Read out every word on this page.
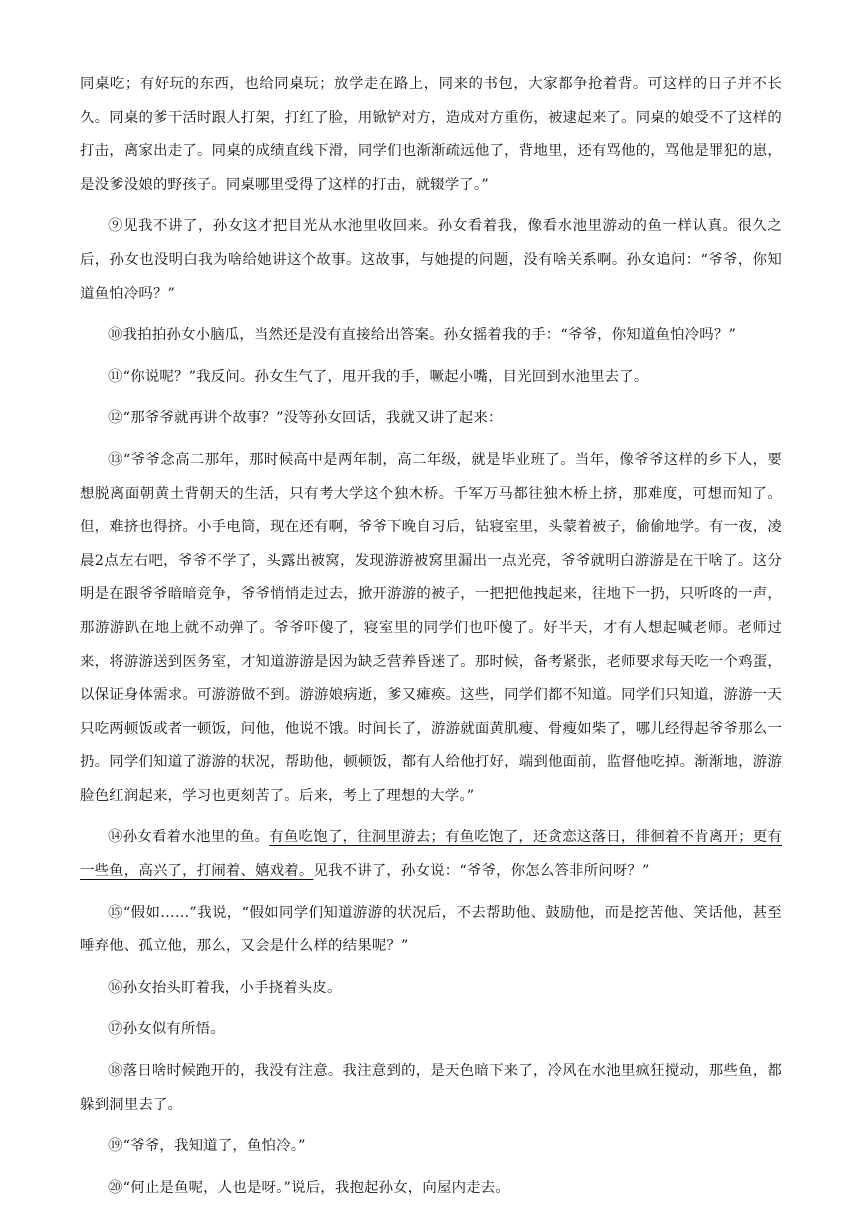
同桌吃；有好玩的东西，也给同桌玩；放学走在路上，同来的书包，大家都争抢着背。可这样的日子并不长久。同桌的爹干活时跟人打架，打红了脸，用锨铲对方，造成对方重伤，被逮起来了。同桌的娘受不了这样的打击，离家出走了。同桌的成绩直线下滑，同学们也渐渐疏远他了，背地里，还有骂他的，骂他是罪犯的崽，是没爹没娘的野孩子。同桌哪里受得了这样的打击，就辍学了。”

⑨见我不讲了，孙女这才把目光从水池里收回来。孙女看着我，像看水池里游动的鱼一样认真。很久之后，孙女也没明白我为啥给她讲这个故事。这故事，与她提的问题，没有啥关系啊。孙女追问：“爷爷，你知道鱼怕冷吗？”

⑩我拍拍孙女小脑瓜，当然还是没有直接给出答案。孙女摇着我的手：“爷爷，你知道鱼怕冷吗？”

⑪“你说呢？”我反问。孙女生气了，甩开我的手，噘起小嘴，目光回到水池里去了。

⑫“那爷爷就再讲个故事？”没等孙女回话，我就又讲了起来：

⑬“爷爷念高二那年，那时候高中是两年制，高二年级，就是毕业班了。当年，像爷爷这样的乡下人，要想脱离面朝黄土背朝天的生活，只有考大学这个独木桥。千军万马都往独木桥上挤，那难度，可想而知了。但，难挤也得挤。小手电筒，现在还有啊，爷爷下晚自习后，钻寝室里，头蒙着被子，偷偷地学。有一夜，凌晨2点左右吧，爷爷不学了，头露出被窝，发现游游被窝里漏出一点光亮，爷爷就明白游游是在干啥了。这分明是在跟爷爷暗暗竞争，爷爷悄悄走过去，掀开游游的被子，一把把他拽起来，往地下一扔，只听咚的一声，那游游趴在地上就不动弹了。爷爷吓傻了，寝室里的同学们也吓傻了。好半天，才有人想起喊老师。老师过来，将游游送到医务室，才知道游游是因为缺乏营养昏迷了。那时候，备考紧张，老师要求每天吃一个鸡蛋，以保证身体需求。可游游做不到。游游娘病逝，爹又瘫痪。这些，同学们都不知道。同学们只知道，游游一天只吃两顿饭或者一顿饭，问他，他说不饿。时间长了，游游就面黄肌瘦、骨瘦如柴了，哪儿经得起爷爷那么一扔。同学们知道了游游的状况，帮助他，顿顿饭，都有人给他打好，端到他面前，监督他吃掉。渐渐地，游游脸色红润起来，学习也更刻苦了。后来，考上了理想的大学。”

⑭孙女看着水池里的鱼。有鱼吃饱了，往洞里游去；有鱼吃饱了，还贪恋这落日，徘徊着不肯离开；更有一些鱼，高兴了，打闹着、嬉戏着。见我不讲了，孙女说：“爷爷，你怎么答非所问呀？”

⑮“假如……”我说，“假如同学们知道游游的状况后，不去帮助他、鼓励他，而是挖苦他、笑话他，甚至唾弃他、孤立他，那么，又会是什么样的结果呢？”

⑯孙女抬头盯着我，小手挠着头皮。

⑰孙女似有所悟。

⑱落日啥时候跑开的，我没有注意。我注意到的，是天色暗下来了，冷风在水池里疯狂搅动，那些鱼，都躲到洞里去了。

⑲“爷爷，我知道了，鱼怕冷。”

⑳“何止是鱼呢，人也是呀。”说后，我抱起孙女，向屋内走去。
